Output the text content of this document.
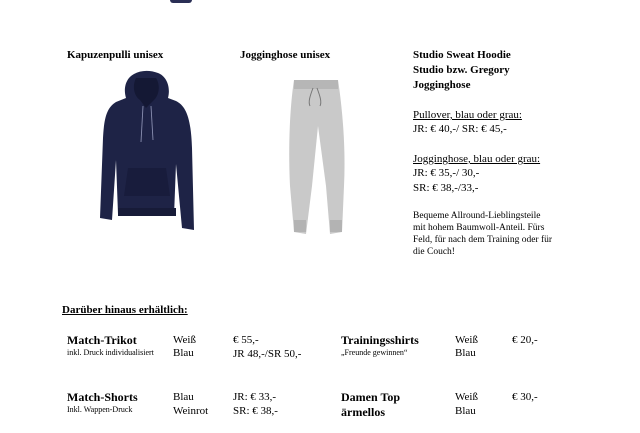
Kapuzenpulli unisex	Jogginghose unisex	Studio Sweat Hoodie
Studio bzw. Gregory
Jogginghose
Pullover, blau oder grau:
JR: € 40,-/ SR: € 45,-
Jogginghose, blau oder grau:
JR: € 35,-/ 30,-
SR: € 38,-/33,-
Bequeme Allround-Lieblingsteile
mit hohem Baumwoll-Anteil. Fürs
Feld, für nach dem Training oder für
die Couch!
Darüber hinaus erhältlich:
Match-Trikot
inkl. Druck individualisiert
Weiß
Blau
€ 55,-
JR 48,-/SR 50,-
Trainingsshirts
„Freunde gewinnen“
Weiß
Blau
€ 20,-
Match-Shorts
Inkl. Wappen-Druck
Blau
Weinrot
JR: € 33,-
SR: € 38,-
Damen Top
ärmellos
Weiß
Blau
€ 30,-
